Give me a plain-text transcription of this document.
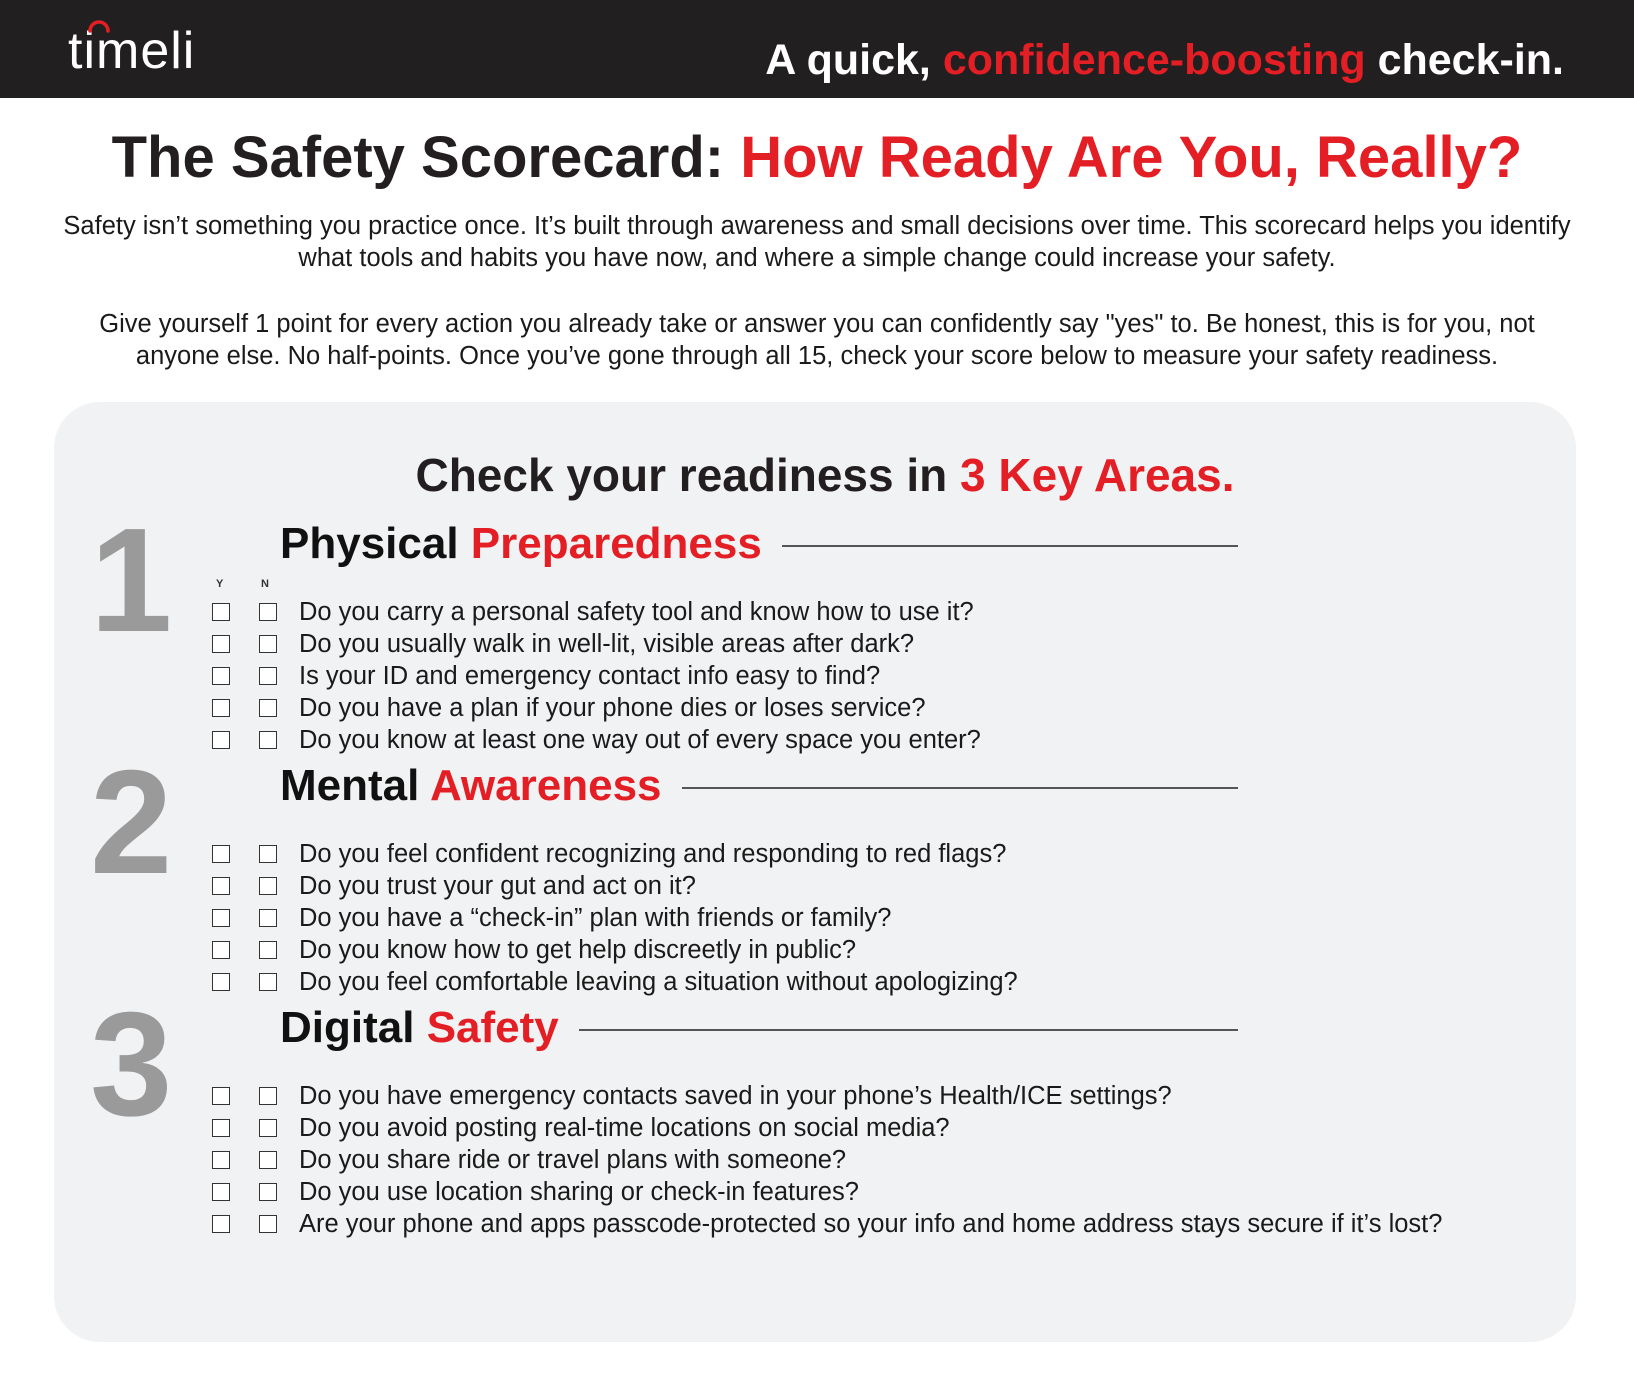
timeli	A quick, confidence-boosting check-in.
The Safety Scorecard: How Ready Are You, Really?
Safety isn’t something you practice once. It’s built through awareness and small decisions over time. This scorecard helps you identify what tools and habits you have now, and where a simple change could increase your safety.
Give yourself 1 point for every action you already take or answer you can confidently say "yes" to. Be honest, this is for you, not anyone else. No half-points. Once you’ve gone through all 15, check your score below to measure your safety readiness.
Check your readiness in 3 Key Areas.
1 Physical Preparedness
Y	N
Do you carry a personal safety tool and know how to use it?
Do you usually walk in well-lit, visible areas after dark?
Is your ID and emergency contact info easy to find?
Do you have a plan if your phone dies or loses service?
Do you know at least one way out of every space you enter?
2 Mental Awareness
Do you feel confident recognizing and responding to red flags?
Do you trust your gut and act on it?
Do you have a “check-in” plan with friends or family?
Do you know how to get help discreetly in public?
Do you feel comfortable leaving a situation without apologizing?
3 Digital Safety
Do you have emergency contacts saved in your phone’s Health/ICE settings?
Do you avoid posting real-time locations on social media?
Do you share ride or travel plans with someone?
Do you use location sharing or check-in features?
Are your phone and apps passcode-protected so your info and home address stays secure if it’s lost?
